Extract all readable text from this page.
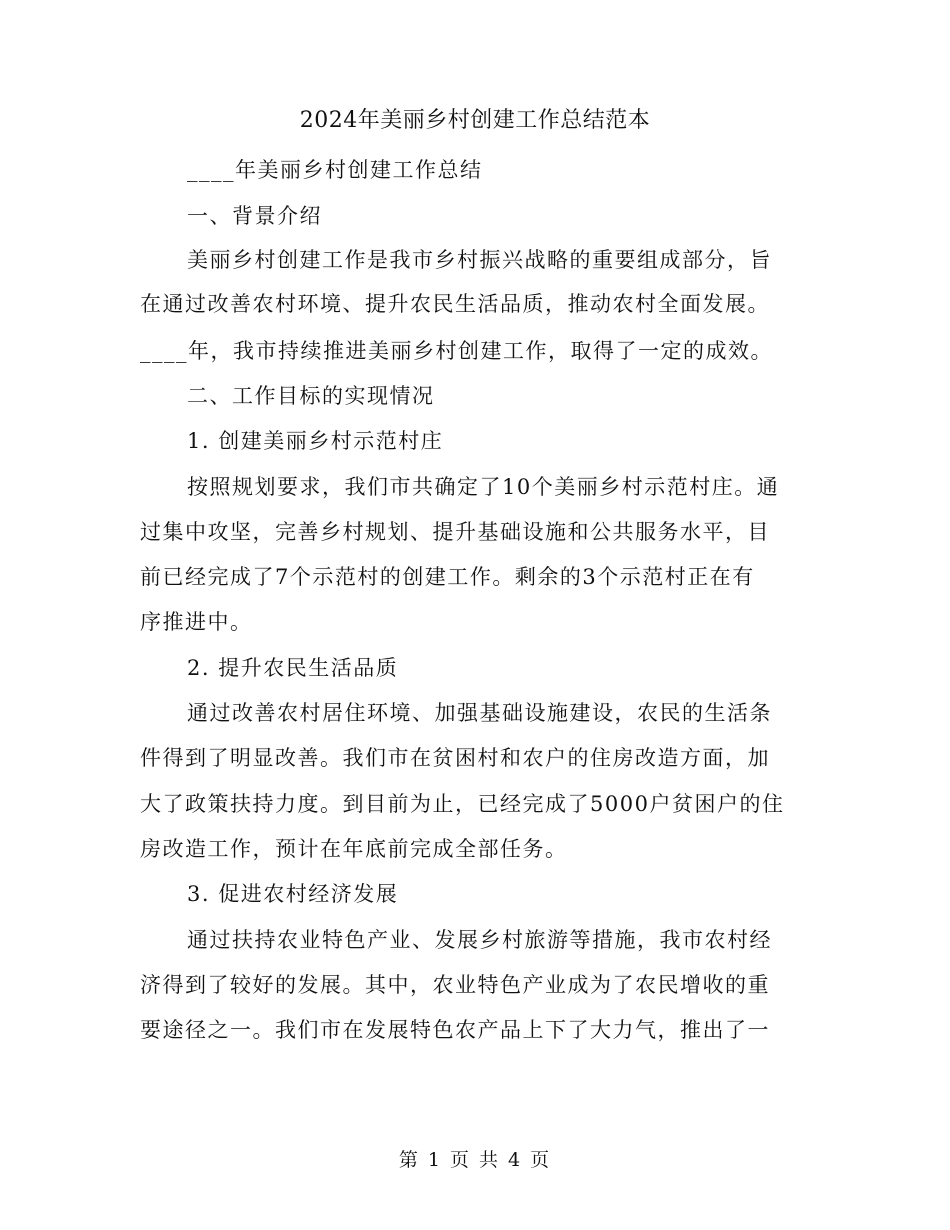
2024年美丽乡村创建工作总结范本
____年美丽乡村创建工作总结
一、背景介绍
美丽乡村创建工作是我市乡村振兴战略的重要组成部分，旨
在通过改善农村环境、提升农民生活品质，推动农村全面发展。
____年，我市持续推进美丽乡村创建工作，取得了一定的成效。
二、工作目标的实现情况
1. 创建美丽乡村示范村庄
按照规划要求，我们市共确定了10个美丽乡村示范村庄。通
过集中攻坚，完善乡村规划、提升基础设施和公共服务水平，目
前已经完成了7个示范村的创建工作。剩余的3个示范村正在有
序推进中。
2. 提升农民生活品质
通过改善农村居住环境、加强基础设施建设，农民的生活条
件得到了明显改善。我们市在贫困村和农户的住房改造方面，加
大了政策扶持力度。到目前为止，已经完成了5000户贫困户的住
房改造工作，预计在年底前完成全部任务。
3. 促进农村经济发展
通过扶持农业特色产业、发展乡村旅游等措施，我市农村经
济得到了较好的发展。其中，农业特色产业成为了农民增收的重
要途径之一。我们市在发展特色农产品上下了大力气，推出了一
第 1 页 共 4 页
